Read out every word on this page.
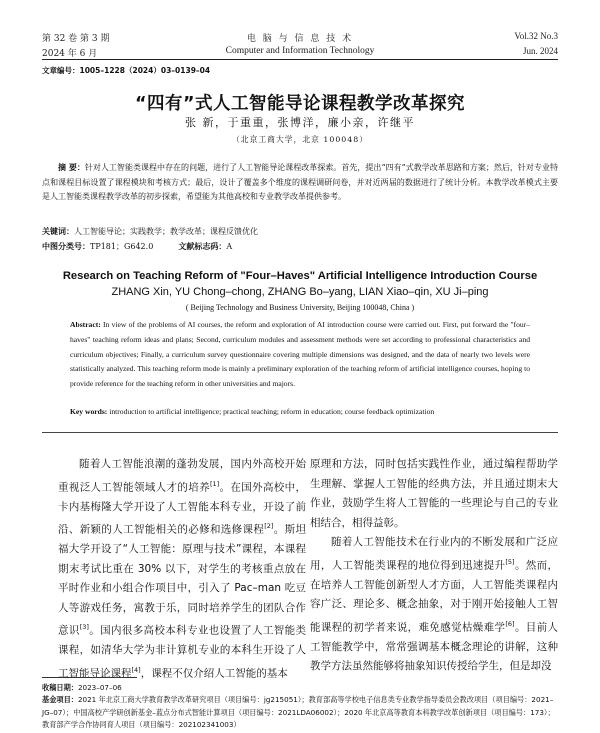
第 32 卷 第 3 期
2024 年 6 月
电 脑 与 信 息 技 术
Computer and Information Technology
Vol.32 No.3
Jun. 2024
文章编号：1005–1228（2024）03–0139–04
“四有”式人工智能导论课程教学改革探究
张 新，于重重，张博洋，廉小亲，许继平
（北京工商大学，北京 100048）
摘 要：针对人工智能类课程中存在的问题，进行了人工智能导论课程改革探索。首先，提出“四有”式教学改革思路和方案；然后，针对专业特点和课程目标设置了课程模块和考核方式；最后，设计了覆盖多个维度的课程调研问卷，并对近两届的数据进行了统计分析。本教学改革模式主要是人工智能类课程教学改革的初步探索，希望能为其他高校和专业教学改革提供参考。
关键词：人工智能导论；实践教学；教学改革；课程反馈优化
中图分类号：TP181；G642.0	文献标志码：A
Research on Teaching Reform of "Four–Haves" Artificial Intelligence Introduction Course
ZHANG Xin, YU Chong–chong, ZHANG Bo–yang, LIAN Xiao–qin, XU Ji–ping
( Beijing Technology and Business University, Beijing 100048, China )
Abstract: In view of the problems of AI courses, the reform and exploration of AI introduction course were carried out. First, put forward the "four–haves" teaching reform ideas and plans; Second, curriculum modules and assessment methods were set according to professional characteristics and curriculum objectives; Finally, a curriculum survey questionnaire covering multiple dimensions was designed, and the data of nearly two levels were statistically analyzed. This teaching reform mode is mainly a preliminary exploration of the teaching reform of artificial intelligence courses, hoping to provide reference for the teaching reform in other universities and majors.
Key words: introduction to artificial intelligence; practical teaching; reform in education; course feedback optimization

随着人工智能浪潮的蓬勃发展，国内外高校开始重视泛人工智能领域人才的培养[1]。在国外高校中，卡内基梅隆大学开设了人工智能本科专业，开设了前沿、新颖的人工智能相关的必修和选修课程[2]。斯坦福大学开设了“人工智能：原理与技术”课程，本课程期末考试比重在 30% 以下，对学生的考核重点放在平时作业和小组合作项目中，引入了 Pac–man 吃豆人等游戏任务，寓教于乐，同时培养学生的团队合作意识[3]。国内很多高校本科专业也设置了人工智能类课程，如清华大学为非计算机专业的本科生开设了人工智能导论课程[4]，课程不仅介绍人工智能的基本

原理和方法，同时包括实践性作业，通过编程帮助学生理解、掌握人工智能的经典方法，并且通过期末大作业，鼓励学生将人工智能的一些理论与自己的专业相结合，相得益彰。

随着人工智能技术在行业内的不断发展和广泛应用，人工智能类课程的地位得到迅速提升[5]。然而，在培养人工智能创新型人才方面，人工智能类课程内容广泛、理论多、概念抽象，对于刚开始接触人工智能课程的初学者来说，难免感觉枯燥难学[6]。目前人工智能教学中，常常强调基本概念理论的讲解，这种教学方法虽然能够将抽象知识传授给学生，但是却没

收稿日期：2023–07–06
基金项目：2021 年北京工商大学教育教学改革研究项目（项目编号：jg215051）；教育部高等学校电子信息类专业教学指导委员会教改项目（项目编号：2021–JG–07）；中国高校产学研创新基金–蓝点分布式智能计算项目（项目编号：2021LDA06002）；2020 年北京高等教育本科教学改革创新项目（项目编号：173）；教育部产学合作协同育人项目（项目编号：202102341003）
